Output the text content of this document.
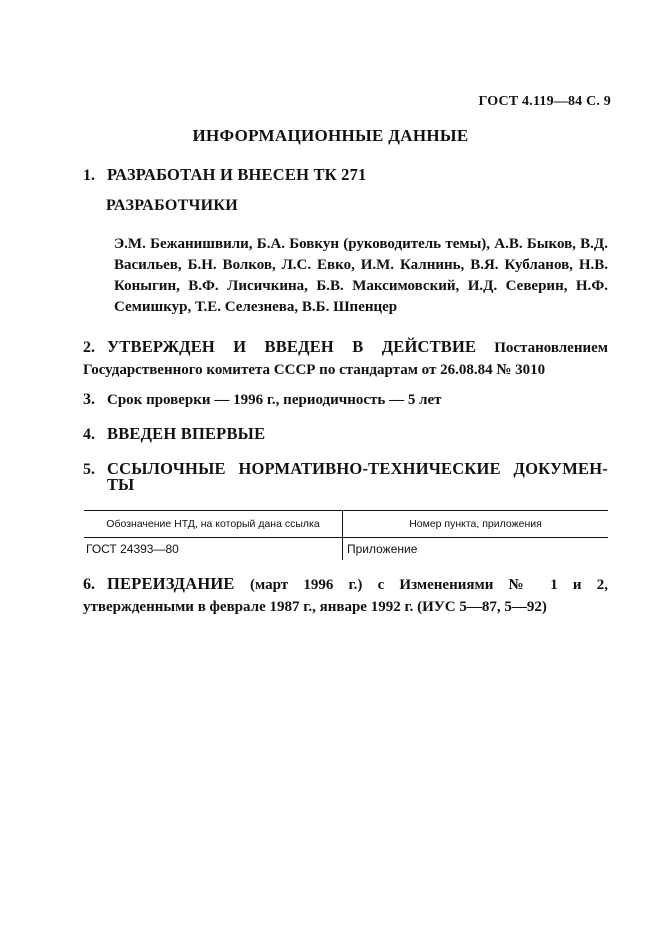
ГОСТ 4.119—84 С. 9
ИНФОРМАЦИОННЫЕ ДАННЫЕ
1. РАЗРАБОТАН И ВНЕСЕН ТК 271
РАЗРАБОТЧИКИ
Э.М. Бежанишвили, Б.А. Бовкун (руководитель темы), А.В. Быков, В.Д. Васильев, Б.Н. Волков, Л.С. Евко, И.М. Калнинь, В.Я. Кубланов, Н.В. Коныгин, В.Ф. Лисичкина, Б.В. Максимовский, И.Д. Северин, Н.Ф. Семишкур, Т.Е. Селезнева, В.Б. Шпенцер
2. УТВЕРЖДЕН И ВВЕДЕН В ДЕЙСТВИЕ Постановлением Государственного комитета СССР по стандартам от 26.08.84 № 3010
3. Срок проверки — 1996 г., периодичность — 5 лет
4. ВВЕДЕН ВПЕРВЫЕ
5. ССЫЛОЧНЫЕ НОРМАТИВНО-ТЕХНИЧЕСКИЕ ДОКУМЕН-
ТЫ
Обозначение НТД, на который дана ссылка	Номер пункта, приложения
ГОСТ 24393—80	Приложение
6. ПЕРЕИЗДАНИЕ (март 1996 г.) с Изменениями № 1 и 2, утвержденными в феврале 1987 г., январе 1992 г. (ИУС 5—87, 5—92)
